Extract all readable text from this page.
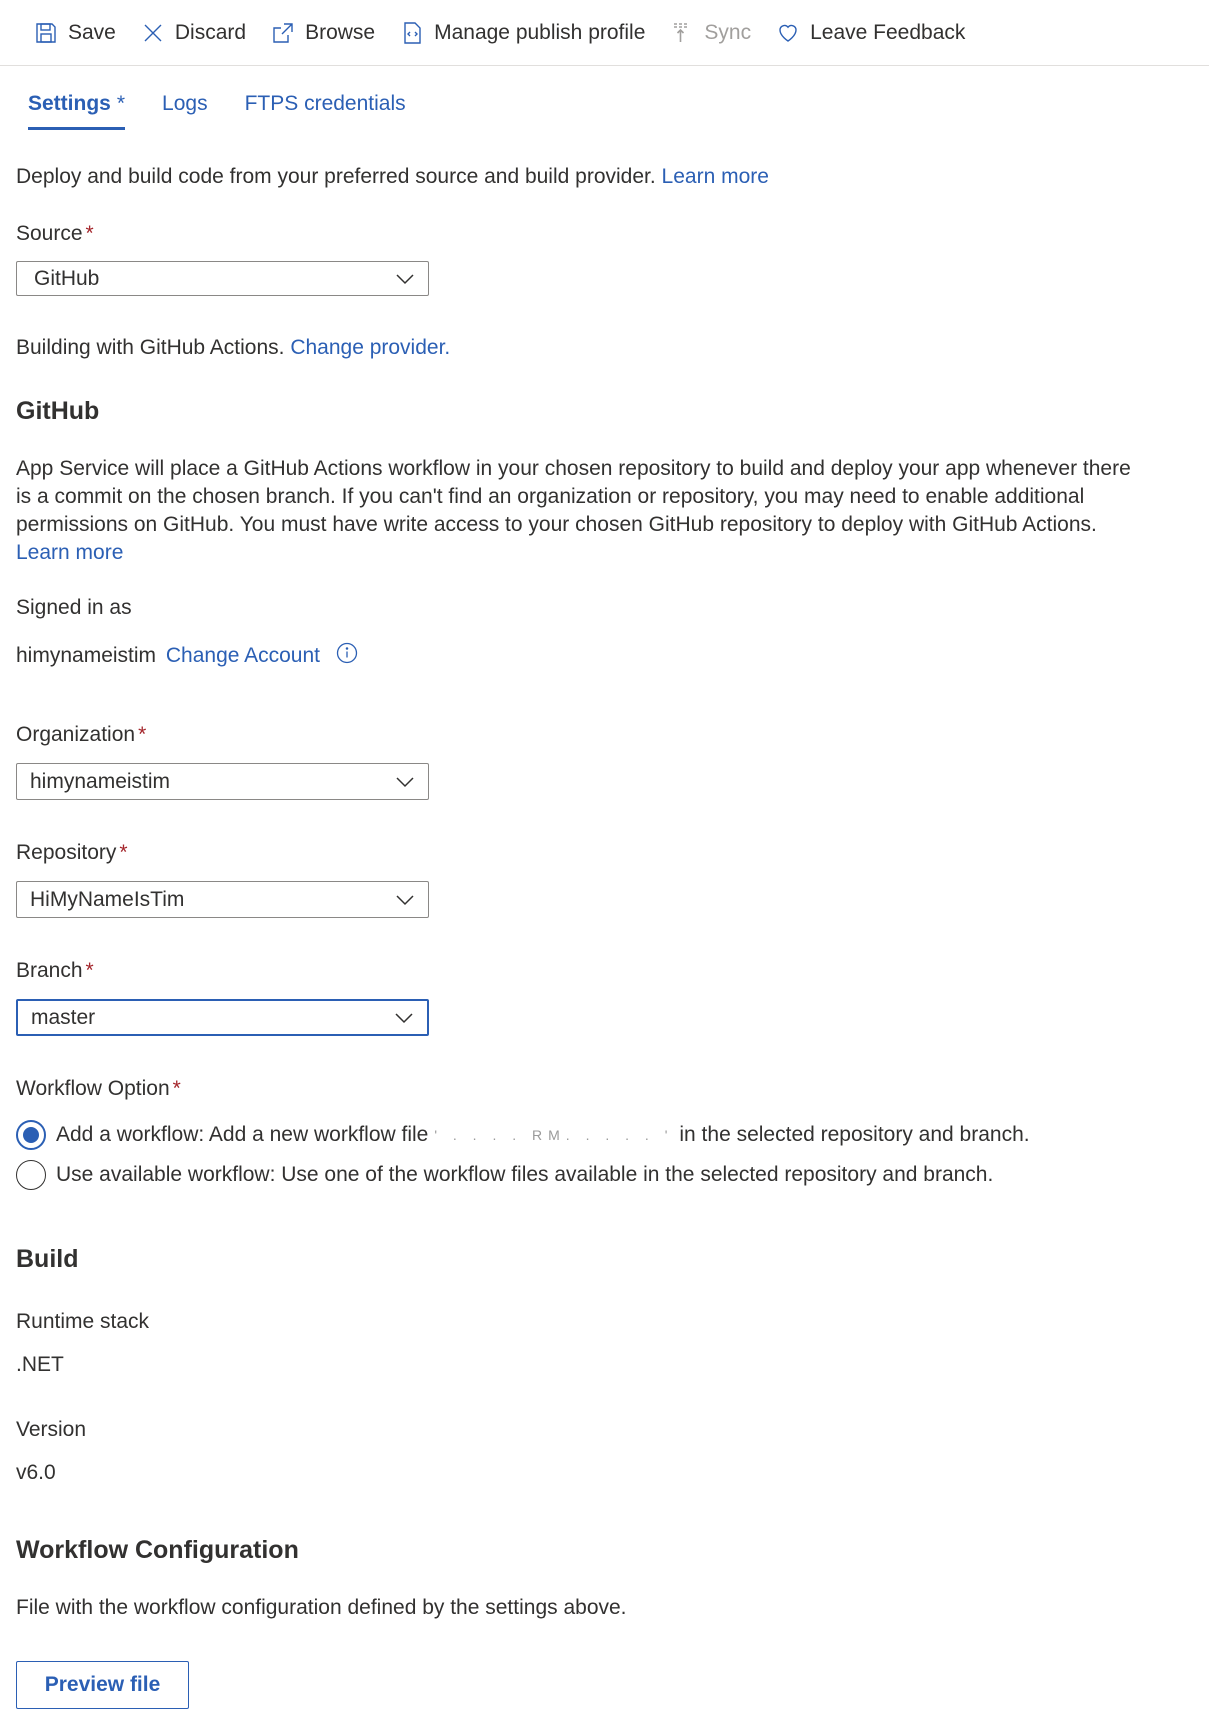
Save	Discard	Browse	Manage publish profile	Sync	Leave Feedback
Settings * Logs FTPS credentials
Deploy and build code from your preferred source and build provider. Learn more
Source *
GitHub
Building with GitHub Actions. Change provider.
GitHub
App Service will place a GitHub Actions workflow in your chosen repository to build and deploy your app whenever there
is a commit on the chosen branch. If you can't find an organization or repository, you may need to enable additional
permissions on GitHub. You must have write access to your chosen GitHub repository to deploy with GitHub Actions.
Learn more
Signed in as
himynameistim Change Account
Organization *
himynameistim
Repository *
HiMyNameIsTim
Branch *
master
Workflow Option *
Add a workflow: Add a new workflow file ' . . . . RM. . . . . ' in the selected repository and branch.
Use available workflow: Use one of the workflow files available in the selected repository and branch.
Build
Runtime stack
.NET
Version
v6.0
Workflow Configuration
File with the workflow configuration defined by the settings above.
Preview file
